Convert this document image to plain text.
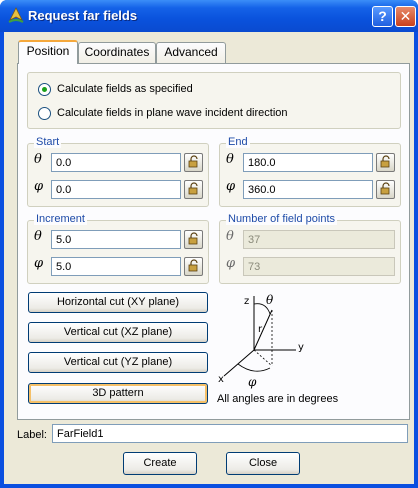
Request far fields	? ✕
Position	Coordinates	Advanced
Calculate fields as specified
Calculate fields in plane wave incident direction
Start
θ
0.0
φ
0.0
End
θ
180.0
φ
360.0
Increment
θ
5.0
φ
5.0
Number of field points
θ
37
φ
73
Horizontal cut (XY plane)
Vertical cut (XZ plane)
Vertical cut (YZ plane)
3D pattern
z
y
x
r
θ
φ
All angles are in degrees
Label:
FarField1
Create	Close
